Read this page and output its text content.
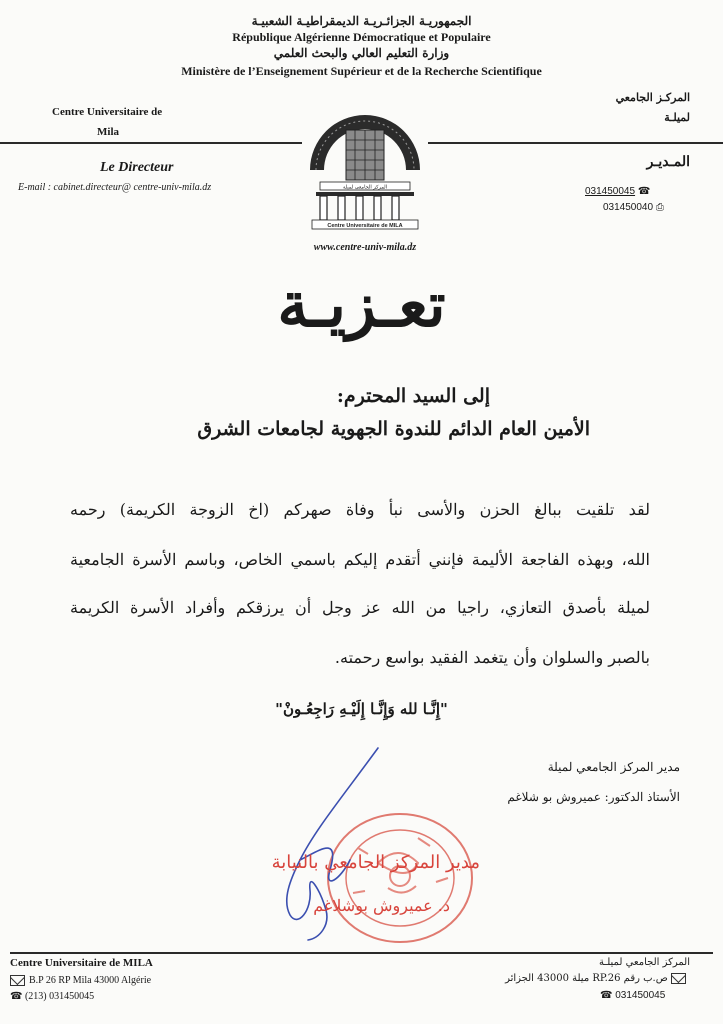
الجمهوريـة الجزائـريـة الديمقراطيـة الشعبيـة
République Algérienne Démocratique et Populaire
وزارة التعليم العالي والبحث العلمي
Ministère de l’Enseignement Supérieur et de la Recherche Scientifique
Centre Universitaire de
Mila
المركـز الجامعي
لميلـة
Le Directeur
E-mail : cabinet.directeur@ centre-univ-mila.dz
المـديـر
031450045 ☎
031450040 ⎙
المركز الجامعي لميلة
Centre Universitaire de MILA
www.centre-univ-mila.dz
تعـزيـة
إلى السيد المحترم:
الأمين العام الدائم للندوة الجهوية لجامعات الشرق
لقد تلقيت ببالغ الحزن والأسى نبأ وفاة صهركم (اخ الزوجة الكريمة) رحمه
الله، وبهذه الفاجعة الأليمة فإنني أتقدم إليكم باسمي الخاص، وباسم الأسرة الجامعية
لميلة بأصدق التعازي، راجيا من الله عز وجل أن يرزقكم وأفراد الأسرة الكريمة
بالصبر والسلوان وأن يتغمد الفقيد بواسع رحمته.
"إِنَّـا لله وَإِنَّـا إِلَيْـهِ رَاجِعُـونْ"
مدير المركز الجامعي لميلة
الأستاذ الدكتور: عميروش بو شلاغم
مدير المركز الجامعي بالنيابة
د. عميروش بوشلاغم
Centre Universitaire de MILA
B.P 26 RP Mila 43000 Algérie
☎ (213) 031450045
المركز الجامعي لميلـة
ص.ب رقم RP.26 ميلة 43000 الجزائر
☎ 031450045
